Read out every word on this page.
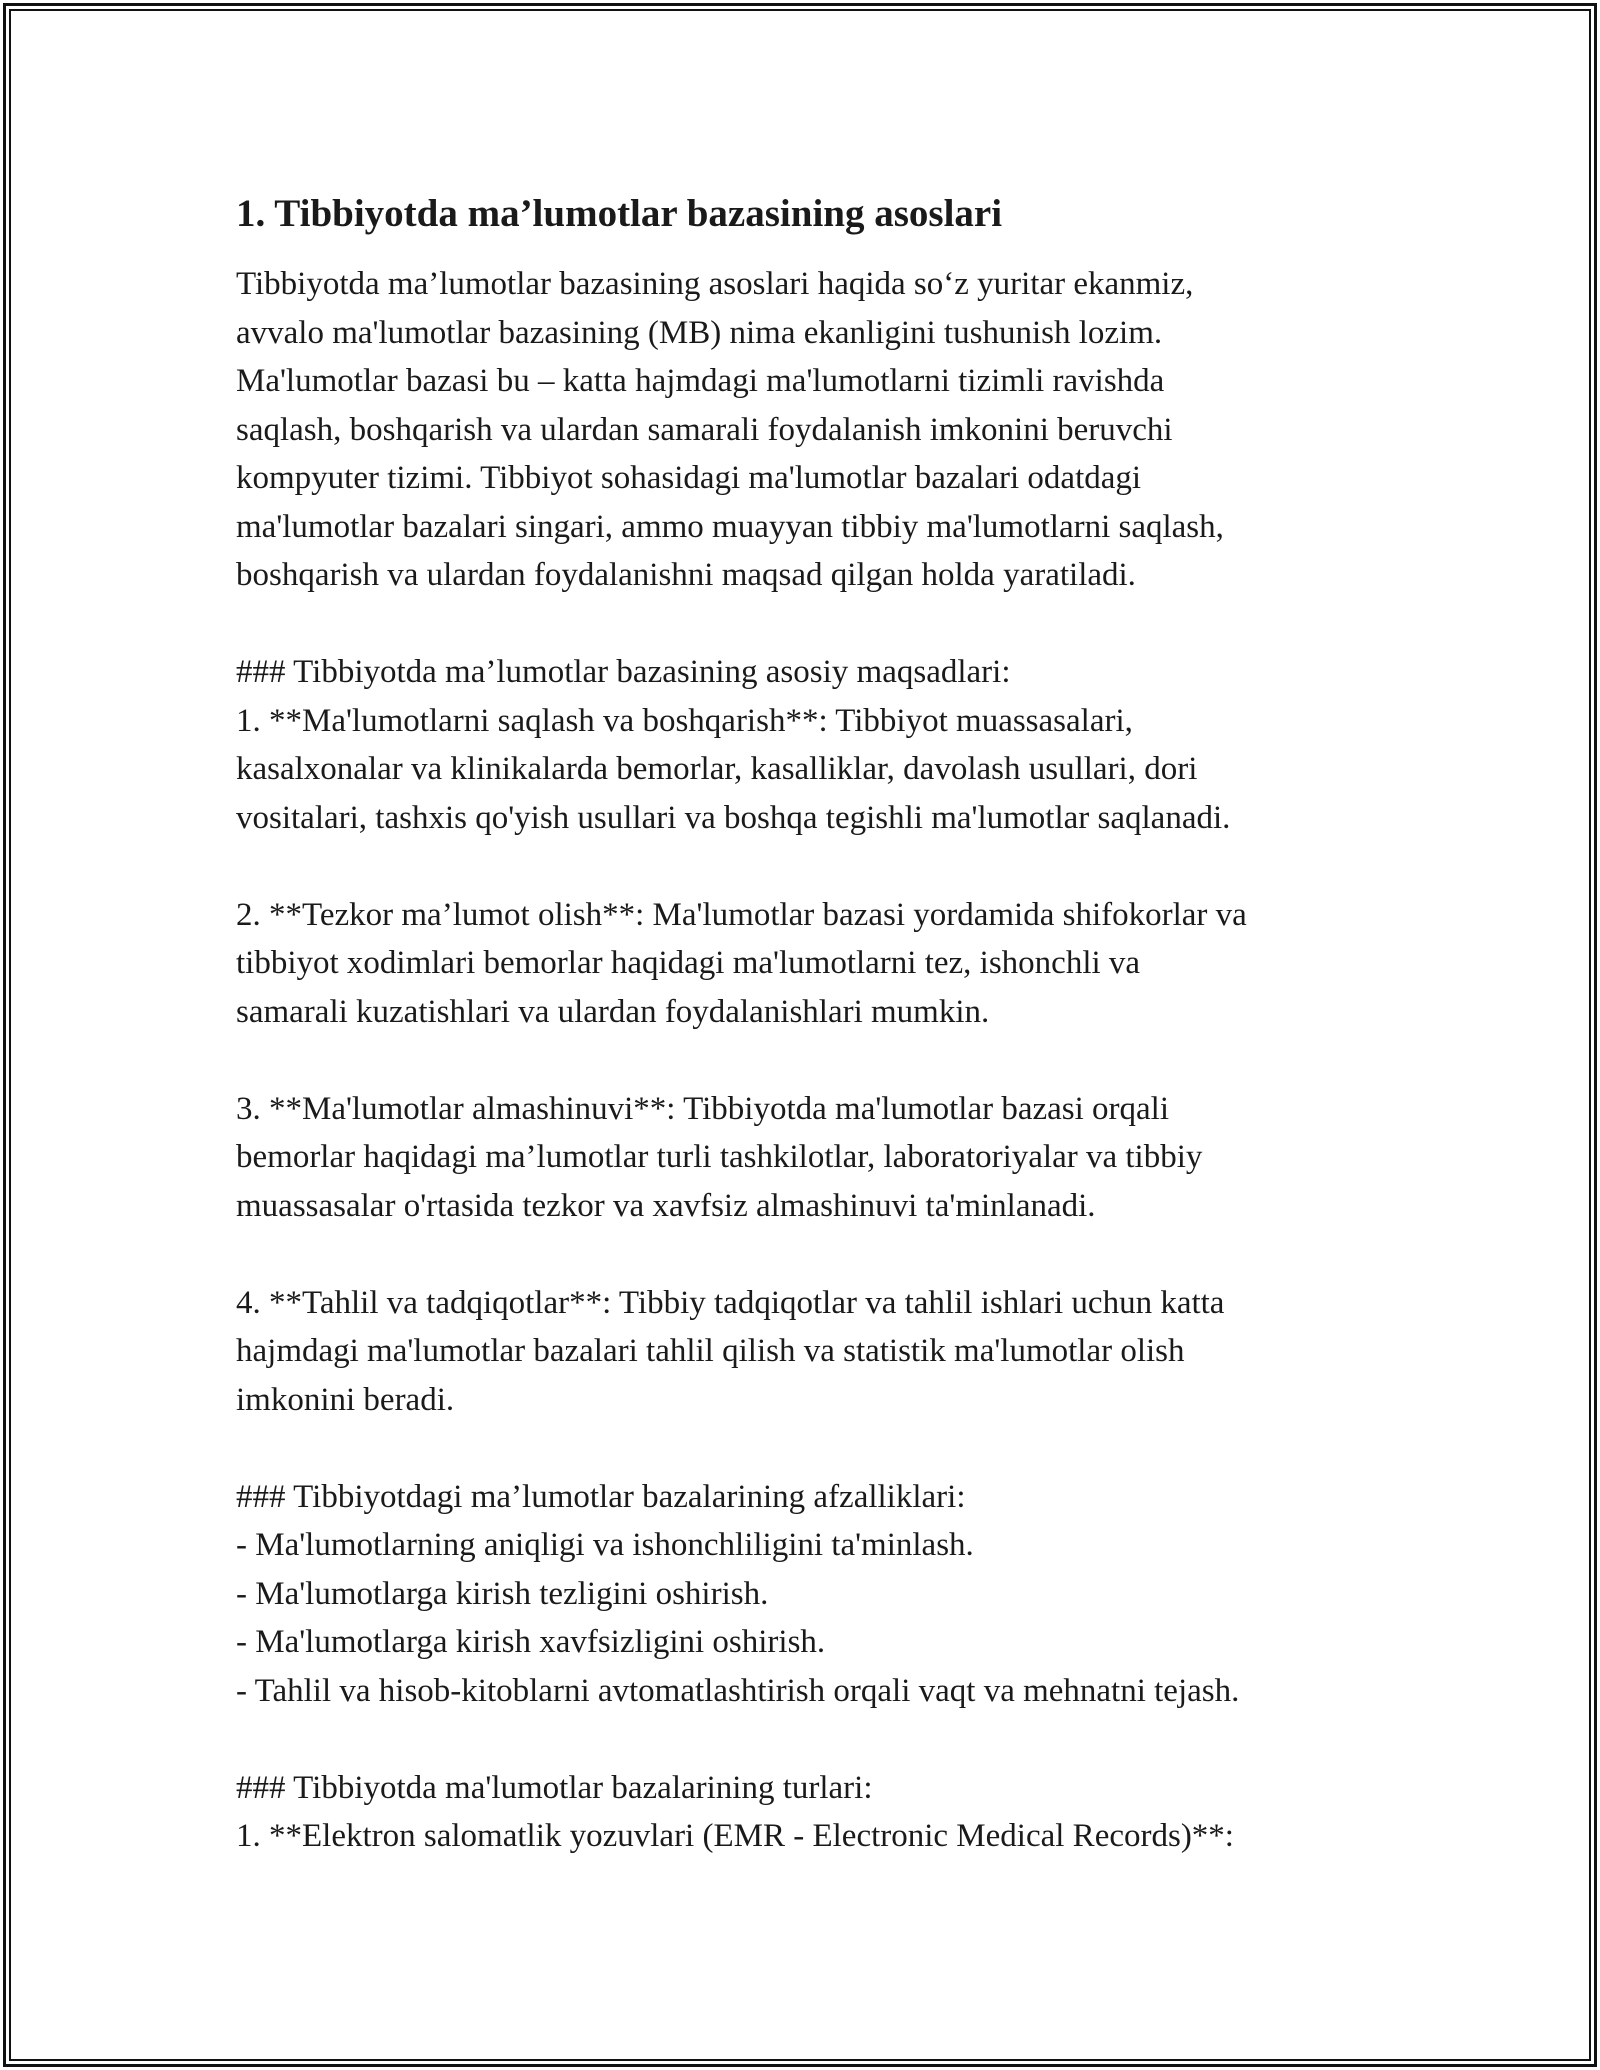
1. Tibbiyotda ma’lumotlar bazasining asoslari

Tibbiyotda ma’lumotlar bazasining asoslari haqida so‘z yuritar ekanmiz,
avvalo ma'lumotlar bazasining (MB) nima ekanligini tushunish lozim.
Ma'lumotlar bazasi bu – katta hajmdagi ma'lumotlarni tizimli ravishda
saqlash, boshqarish va ulardan samarali foydalanish imkonini beruvchi
kompyuter tizimi. Tibbiyot sohasidagi ma'lumotlar bazalari odatdagi
ma'lumotlar bazalari singari, ammo muayyan tibbiy ma'lumotlarni saqlash,
boshqarish va ulardan foydalanishni maqsad qilgan holda yaratiladi.

### Tibbiyotda ma’lumotlar bazasining asosiy maqsadlari:
1. **Ma'lumotlarni saqlash va boshqarish**: Tibbiyot muassasalari,
kasalxonalar va klinikalarda bemorlar, kasalliklar, davolash usullari, dori
vositalari, tashxis qo'yish usullari va boshqa tegishli ma'lumotlar saqlanadi.

2. **Tezkor ma’lumot olish**: Ma'lumotlar bazasi yordamida shifokorlar va
tibbiyot xodimlari bemorlar haqidagi ma'lumotlarni tez, ishonchli va
samarali kuzatishlari va ulardan foydalanishlari mumkin.

3. **Ma'lumotlar almashinuvi**: Tibbiyotda ma'lumotlar bazasi orqali
bemorlar haqidagi ma’lumotlar turli tashkilotlar, laboratoriyalar va tibbiy
muassasalar o'rtasida tezkor va xavfsiz almashinuvi ta'minlanadi.

4. **Tahlil va tadqiqotlar**: Tibbiy tadqiqotlar va tahlil ishlari uchun katta
hajmdagi ma'lumotlar bazalari tahlil qilish va statistik ma'lumotlar olish
imkonini beradi.

### Tibbiyotdagi ma’lumotlar bazalarining afzalliklari:
- Ma'lumotlarning aniqligi va ishonchliligini ta'minlash.
- Ma'lumotlarga kirish tezligini oshirish.
- Ma'lumotlarga kirish xavfsizligini oshirish.
- Tahlil va hisob-kitoblarni avtomatlashtirish orqali vaqt va mehnatni tejash.

### Tibbiyotda ma'lumotlar bazalarining turlari:
1. **Elektron salomatlik yozuvlari (EMR - Electronic Medical Records)**:
